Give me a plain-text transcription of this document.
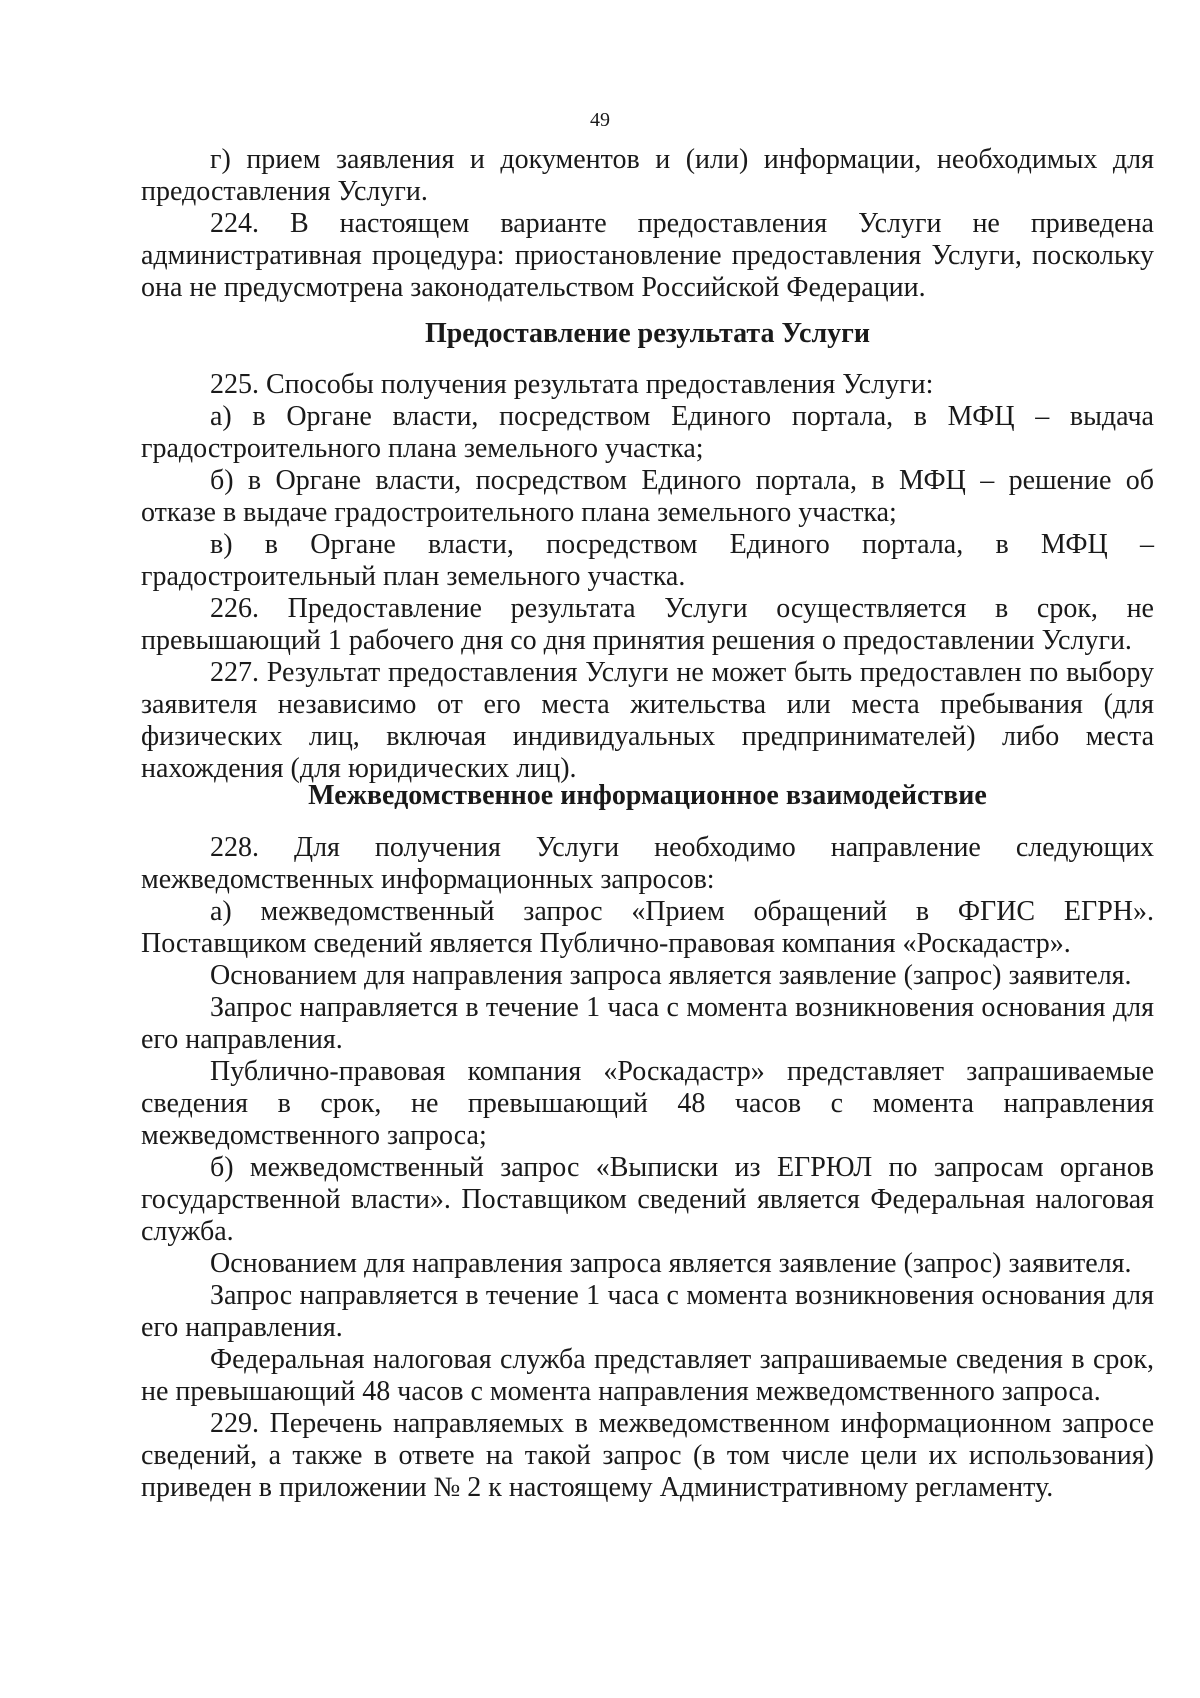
49

г) прием заявления и документов и (или) информации, необходимых для предоставления Услуги.

224. В настоящем варианте предоставления Услуги не приведена административная процедура: приостановление предоставления Услуги, поскольку она не предусмотрена законодательством Российской Федерации.

Предоставление результата Услуги

225. Способы получения результата предоставления Услуги:

а) в Органе власти, посредством Единого портала, в МФЦ – выдача градостроительного плана земельного участка;

б) в Органе власти, посредством Единого портала, в МФЦ – решение об отказе в выдаче градостроительного плана земельного участка;

в) в Органе власти, посредством Единого портала, в МФЦ – градостроительный план земельного участка.

226. Предоставление результата Услуги осуществляется в срок, не превышающий 1 рабочего дня со дня принятия решения о предоставлении Услуги.

227. Результат предоставления Услуги не может быть предоставлен по выбору заявителя независимо от его места жительства или места пребывания (для физических лиц, включая индивидуальных предпринимателей) либо места нахождения (для юридических лиц).

Межведомственное информационное взаимодействие

228. Для получения Услуги необходимо направление следующих межведомственных информационных запросов:

а) межведомственный запрос «Прием обращений в ФГИС ЕГРН». Поставщиком сведений является Публично-правовая компания «Роскадастр».

Основанием для направления запроса является заявление (запрос) заявителя.

Запрос направляется в течение 1 часа с момента возникновения основания для его направления.

Публично-правовая компания «Роскадастр» представляет запрашиваемые сведения в срок, не превышающий 48 часов с момента направления межведомственного запроса;

б) межведомственный запрос «Выписки из ЕГРЮЛ по запросам органов государственной власти». Поставщиком сведений является Федеральная налоговая служба.

Основанием для направления запроса является заявление (запрос) заявителя.

Запрос направляется в течение 1 часа с момента возникновения основания для его направления.

Федеральная налоговая служба представляет запрашиваемые сведения в срок, не превышающий 48 часов с момента направления межведомственного запроса.

229. Перечень направляемых в межведомственном информационном запросе сведений, а также в ответе на такой запрос (в том числе цели их использования) приведен в приложении № 2 к настоящему Административному регламенту.
